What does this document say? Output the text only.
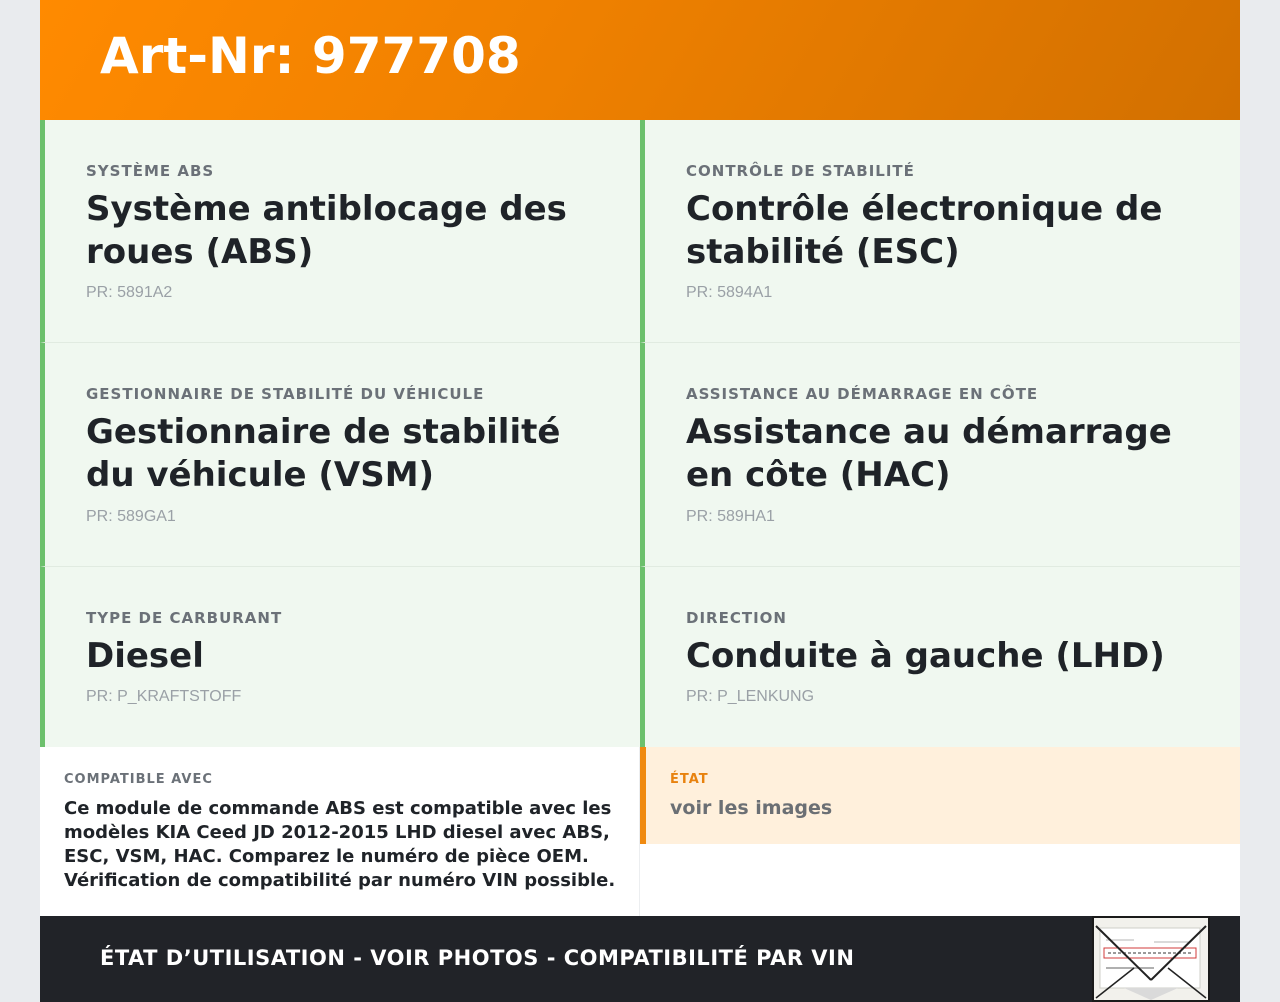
Art-Nr: 977708
SYSTÈME ABS
Système antiblocage des roues (ABS)
PR: 5891A2
CONTRÔLE DE STABILITÉ
Contrôle électronique de stabilité (ESC)
PR: 5894A1
GESTIONNAIRE DE STABILITÉ DU VÉHICULE
Gestionnaire de stabilité du véhicule (VSM)
PR: 589GA1
ASSISTANCE AU DÉMARRAGE EN CÔTE
Assistance au démarrage en côte (HAC)
PR: 589HA1
TYPE DE CARBURANT
Diesel
PR: P_KRAFTSTOFF
DIRECTION
Conduite à gauche (LHD)
PR: P_LENKUNG
COMPATIBLE AVEC
Ce module de commande ABS est compatible avec les modèles KIA Ceed JD 2012-2015 LHD diesel avec ABS, ESC, VSM, HAC. Comparez le numéro de pièce OEM. Vérification de compatibilité par numéro VIN possible.
ÉTAT
voir les images
ÉTAT D’UTILISATION - VOIR PHOTOS - COMPATIBILITÉ PAR VIN
